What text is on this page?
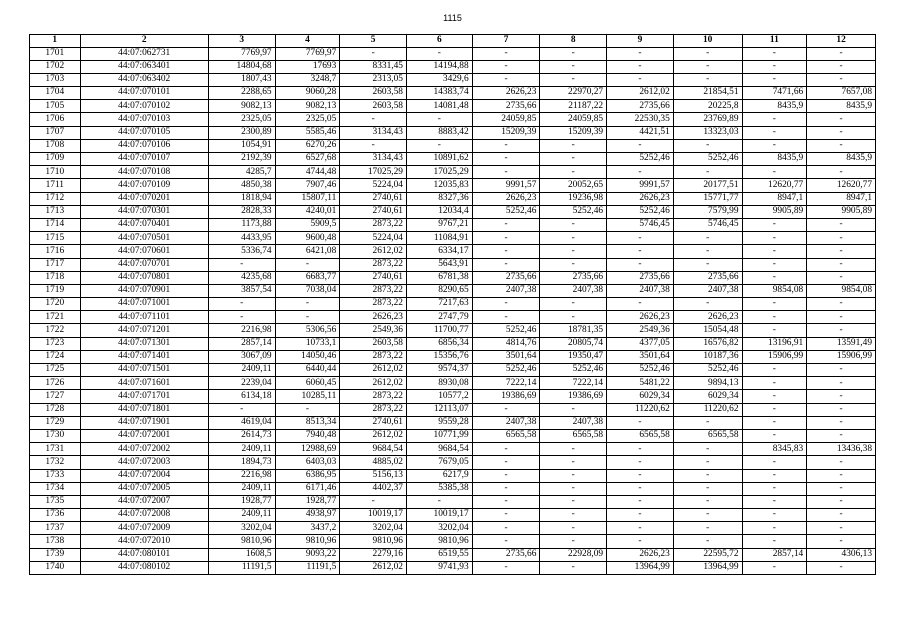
1115
1	2	3	4	5	6	7	8	9	10	11	12
1701	44:07:062731	7769,97	7769,97	-	-	-	-	-	-	-	-
1702	44:07:063401	14804,68	17693	8331,45	14194,88	-	-	-	-	-	-
1703	44:07:063402	1807,43	3248,7	2313,05	3429,6	-	-	-	-	-	-
1704	44:07:070101	2288,65	9060,28	2603,58	14383,74	2626,23	22970,27	2612,02	21854,51	7471,66	7657,08
1705	44:07:070102	9082,13	9082,13	2603,58	14081,48	2735,66	21187,22	2735,66	20225,8	8435,9	8435,9
1706	44:07:070103	2325,05	2325,05	-	-	24059,85	24059,85	22530,35	23769,89	-	-
1707	44:07:070105	2300,89	5585,46	3134,43	8883,42	15209,39	15209,39	4421,51	13323,03	-	-
1708	44:07:070106	1054,91	6270,26	-	-	-	-	-	-	-	-
1709	44:07:070107	2192,39	6527,68	3134,43	10891,62	-	-	5252,46	5252,46	8435,9	8435,9
1710	44:07:070108	4285,7	4744,48	17025,29	17025,29	-	-	-	-	-	-
1711	44:07:070109	4850,38	7907,46	5224,04	12035,83	9991,57	20052,65	9991,57	20177,51	12620,77	12620,77
1712	44:07:070201	1818,94	15807,11	2740,61	8327,36	2626,23	19236,98	2626,23	15771,77	8947,1	8947,1
1713	44:07:070301	2828,33	4240,01	2740,61	12034,4	5252,46	5252,46	5252,46	7579,99	9905,89	9905,89
1714	44:07:070401	1173,88	5909,5	2873,22	9767,21	-	-	5746,45	5746,45	-	-
1715	44:07:070501	4433,95	9600,48	5224,04	11084,91	-	-	-	-	-	-
1716	44:07:070601	5336,74	6421,08	2612,02	6334,17	-	-	-	-	-	-
1717	44:07:070701	-	-	2873,22	5643,91	-	-	-	-	-	-
1718	44:07:070801	4235,68	6683,77	2740,61	6781,38	2735,66	2735,66	2735,66	2735,66	-	-
1719	44:07:070901	3857,54	7038,04	2873,22	8290,65	2407,38	2407,38	2407,38	2407,38	9854,08	9854,08
1720	44:07:071001	-	-	2873,22	7217,63	-	-	-	-	-	-
1721	44:07:071101	-	-	2626,23	2747,79	-	-	2626,23	2626,23	-	-
1722	44:07:071201	2216,98	5306,56	2549,36	11700,77	5252,46	18781,35	2549,36	15054,48	-	-
1723	44:07:071301	2857,14	10733,1	2603,58	6856,34	4814,76	20805,74	4377,05	16576,82	13196,91	13591,49
1724	44:07:071401	3067,09	14050,46	2873,22	15356,76	3501,64	19350,47	3501,64	10187,36	15906,99	15906,99
1725	44:07:071501	2409,11	6440,44	2612,02	9574,37	5252,46	5252,46	5252,46	5252,46	-	-
1726	44:07:071601	2239,04	6060,45	2612,02	8930,08	7222,14	7222,14	5481,22	9894,13	-	-
1727	44:07:071701	6134,18	10285,11	2873,22	10577,2	19386,69	19386,69	6029,34	6029,34	-	-
1728	44:07:071801	-	-	2873,22	12113,07	-	-	11220,62	11220,62	-	-
1729	44:07:071901	4619,04	8513,34	2740,61	9559,28	2407,38	2407,38	-	-	-	-
1730	44:07:072001	2614,73	7940,48	2612,02	10771,99	6565,58	6565,58	6565,58	6565,58	-	-
1731	44:07:072002	2409,11	12988,69	9684,54	9684,54	-	-	-	-	8345,83	13436,38
1732	44:07:072003	1894,73	6403,03	4885,02	7679,05	-	-	-	-	-	-
1733	44:07:072004	2216,98	6386,95	5156,13	6217,9	-	-	-	-	-	-
1734	44:07:072005	2409,11	6171,46	4402,37	5385,38	-	-	-	-	-	-
1735	44:07:072007	1928,77	1928,77	-	-	-	-	-	-	-	-
1736	44:07:072008	2409,11	4938,97	10019,17	10019,17	-	-	-	-	-	-
1737	44:07:072009	3202,04	3437,2	3202,04	3202,04	-	-	-	-	-	-
1738	44:07:072010	9810,96	9810,96	9810,96	9810,96	-	-	-	-	-	-
1739	44:07:080101	1608,5	9093,22	2279,16	6519,55	2735,66	22928,09	2626,23	22595,72	2857,14	4306,13
1740	44:07:080102	11191,5	11191,5	2612,02	9741,93	-	-	13964,99	13964,99	-	-
